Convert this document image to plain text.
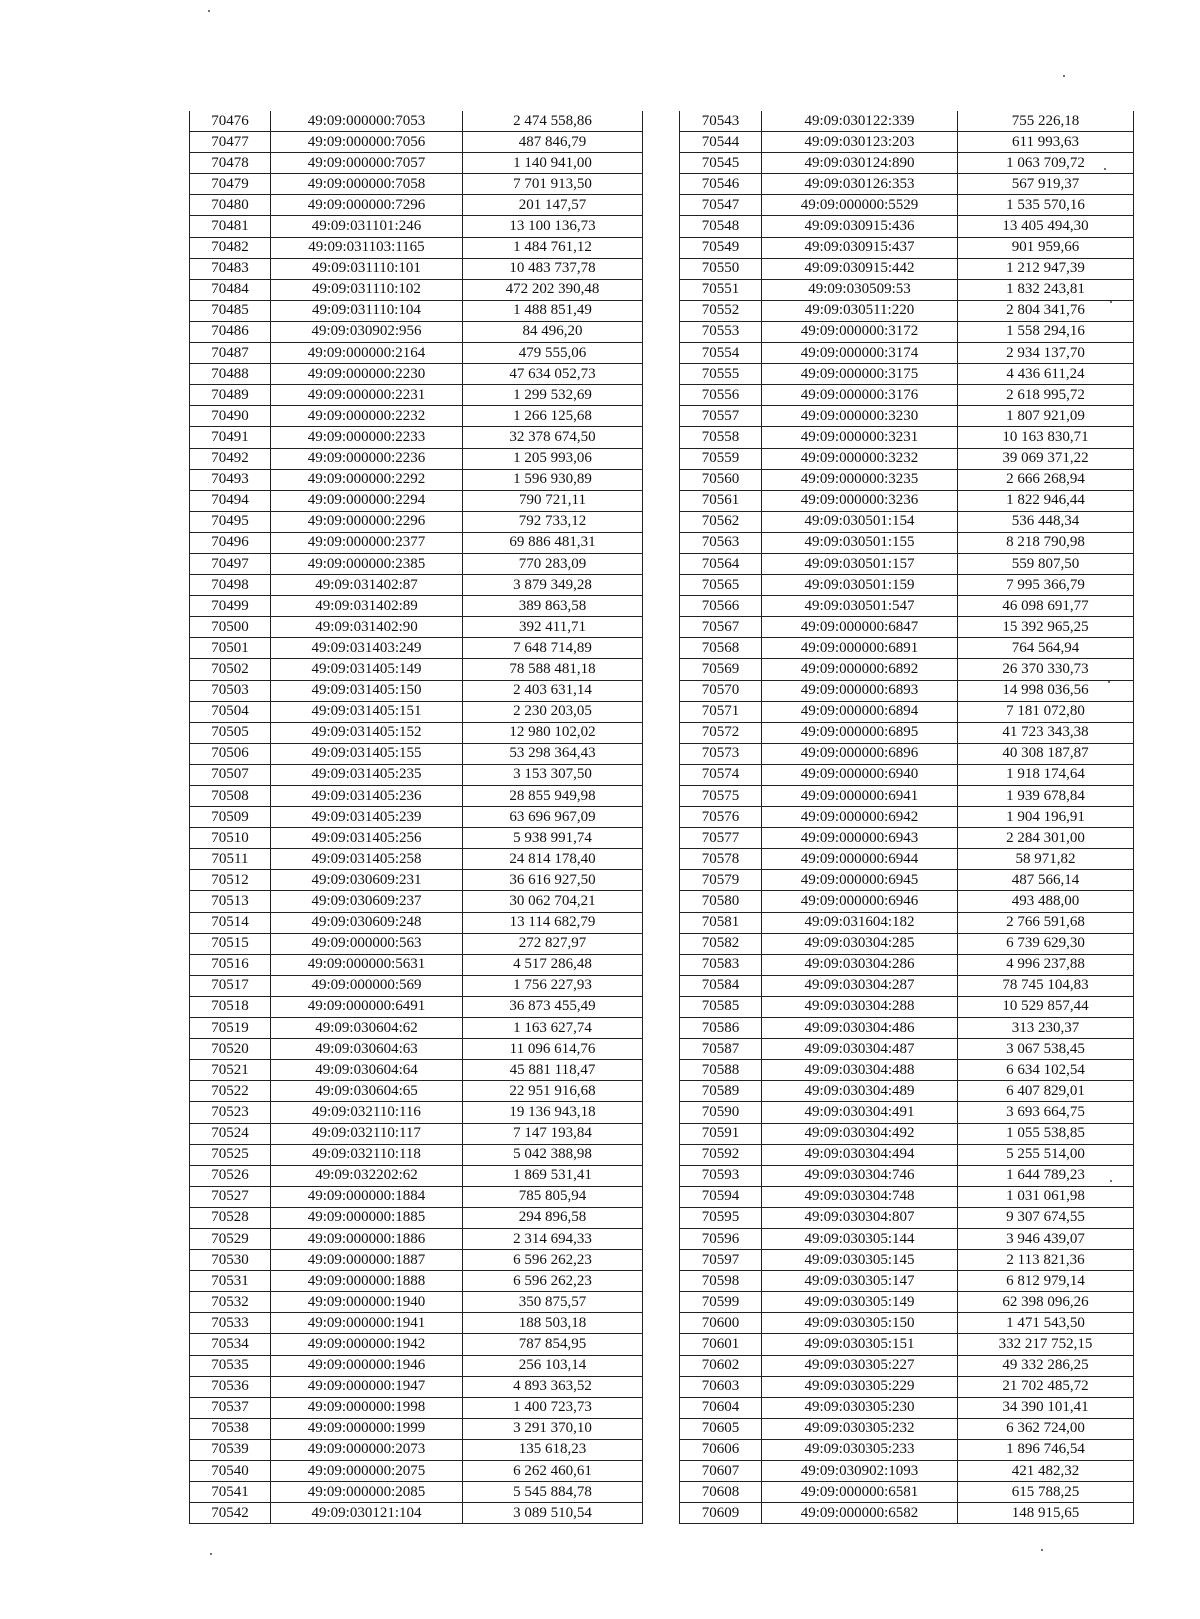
70476	49:09:000000:7053	2 474 558,86
70477	49:09:000000:7056	487 846,79
70478	49:09:000000:7057	1 140 941,00
70479	49:09:000000:7058	7 701 913,50
70480	49:09:000000:7296	201 147,57
70481	49:09:031101:246	13 100 136,73
70482	49:09:031103:1165	1 484 761,12
70483	49:09:031110:101	10 483 737,78
70484	49:09:031110:102	472 202 390,48
70485	49:09:031110:104	1 488 851,49
70486	49:09:030902:956	84 496,20
70487	49:09:000000:2164	479 555,06
70488	49:09:000000:2230	47 634 052,73
70489	49:09:000000:2231	1 299 532,69
70490	49:09:000000:2232	1 266 125,68
70491	49:09:000000:2233	32 378 674,50
70492	49:09:000000:2236	1 205 993,06
70493	49:09:000000:2292	1 596 930,89
70494	49:09:000000:2294	790 721,11
70495	49:09:000000:2296	792 733,12
70496	49:09:000000:2377	69 886 481,31
70497	49:09:000000:2385	770 283,09
70498	49:09:031402:87	3 879 349,28
70499	49:09:031402:89	389 863,58
70500	49:09:031402:90	392 411,71
70501	49:09:031403:249	7 648 714,89
70502	49:09:031405:149	78 588 481,18
70503	49:09:031405:150	2 403 631,14
70504	49:09:031405:151	2 230 203,05
70505	49:09:031405:152	12 980 102,02
70506	49:09:031405:155	53 298 364,43
70507	49:09:031405:235	3 153 307,50
70508	49:09:031405:236	28 855 949,98
70509	49:09:031405:239	63 696 967,09
70510	49:09:031405:256	5 938 991,74
70511	49:09:031405:258	24 814 178,40
70512	49:09:030609:231	36 616 927,50
70513	49:09:030609:237	30 062 704,21
70514	49:09:030609:248	13 114 682,79
70515	49:09:000000:563	272 827,97
70516	49:09:000000:5631	4 517 286,48
70517	49:09:000000:569	1 756 227,93
70518	49:09:000000:6491	36 873 455,49
70519	49:09:030604:62	1 163 627,74
70520	49:09:030604:63	11 096 614,76
70521	49:09:030604:64	45 881 118,47
70522	49:09:030604:65	22 951 916,68
70523	49:09:032110:116	19 136 943,18
70524	49:09:032110:117	7 147 193,84
70525	49:09:032110:118	5 042 388,98
70526	49:09:032202:62	1 869 531,41
70527	49:09:000000:1884	785 805,94
70528	49:09:000000:1885	294 896,58
70529	49:09:000000:1886	2 314 694,33
70530	49:09:000000:1887	6 596 262,23
70531	49:09:000000:1888	6 596 262,23
70532	49:09:000000:1940	350 875,57
70533	49:09:000000:1941	188 503,18
70534	49:09:000000:1942	787 854,95
70535	49:09:000000:1946	256 103,14
70536	49:09:000000:1947	4 893 363,52
70537	49:09:000000:1998	1 400 723,73
70538	49:09:000000:1999	3 291 370,10
70539	49:09:000000:2073	135 618,23
70540	49:09:000000:2075	6 262 460,61
70541	49:09:000000:2085	5 545 884,78
70542	49:09:030121:104	3 089 510,54
70543	49:09:030122:339	755 226,18
70544	49:09:030123:203	611 993,63
70545	49:09:030124:890	1 063 709,72
70546	49:09:030126:353	567 919,37
70547	49:09:000000:5529	1 535 570,16
70548	49:09:030915:436	13 405 494,30
70549	49:09:030915:437	901 959,66
70550	49:09:030915:442	1 212 947,39
70551	49:09:030509:53	1 832 243,81
70552	49:09:030511:220	2 804 341,76
70553	49:09:000000:3172	1 558 294,16
70554	49:09:000000:3174	2 934 137,70
70555	49:09:000000:3175	4 436 611,24
70556	49:09:000000:3176	2 618 995,72
70557	49:09:000000:3230	1 807 921,09
70558	49:09:000000:3231	10 163 830,71
70559	49:09:000000:3232	39 069 371,22
70560	49:09:000000:3235	2 666 268,94
70561	49:09:000000:3236	1 822 946,44
70562	49:09:030501:154	536 448,34
70563	49:09:030501:155	8 218 790,98
70564	49:09:030501:157	559 807,50
70565	49:09:030501:159	7 995 366,79
70566	49:09:030501:547	46 098 691,77
70567	49:09:000000:6847	15 392 965,25
70568	49:09:000000:6891	764 564,94
70569	49:09:000000:6892	26 370 330,73
70570	49:09:000000:6893	14 998 036,56
70571	49:09:000000:6894	7 181 072,80
70572	49:09:000000:6895	41 723 343,38
70573	49:09:000000:6896	40 308 187,87
70574	49:09:000000:6940	1 918 174,64
70575	49:09:000000:6941	1 939 678,84
70576	49:09:000000:6942	1 904 196,91
70577	49:09:000000:6943	2 284 301,00
70578	49:09:000000:6944	58 971,82
70579	49:09:000000:6945	487 566,14
70580	49:09:000000:6946	493 488,00
70581	49:09:031604:182	2 766 591,68
70582	49:09:030304:285	6 739 629,30
70583	49:09:030304:286	4 996 237,88
70584	49:09:030304:287	78 745 104,83
70585	49:09:030304:288	10 529 857,44
70586	49:09:030304:486	313 230,37
70587	49:09:030304:487	3 067 538,45
70588	49:09:030304:488	6 634 102,54
70589	49:09:030304:489	6 407 829,01
70590	49:09:030304:491	3 693 664,75
70591	49:09:030304:492	1 055 538,85
70592	49:09:030304:494	5 255 514,00
70593	49:09:030304:746	1 644 789,23
70594	49:09:030304:748	1 031 061,98
70595	49:09:030304:807	9 307 674,55
70596	49:09:030305:144	3 946 439,07
70597	49:09:030305:145	2 113 821,36
70598	49:09:030305:147	6 812 979,14
70599	49:09:030305:149	62 398 096,26
70600	49:09:030305:150	1 471 543,50
70601	49:09:030305:151	332 217 752,15
70602	49:09:030305:227	49 332 286,25
70603	49:09:030305:229	21 702 485,72
70604	49:09:030305:230	34 390 101,41
70605	49:09:030305:232	6 362 724,00
70606	49:09:030305:233	1 896 746,54
70607	49:09:030902:1093	421 482,32
70608	49:09:000000:6581	615 788,25
70609	49:09:000000:6582	148 915,65
